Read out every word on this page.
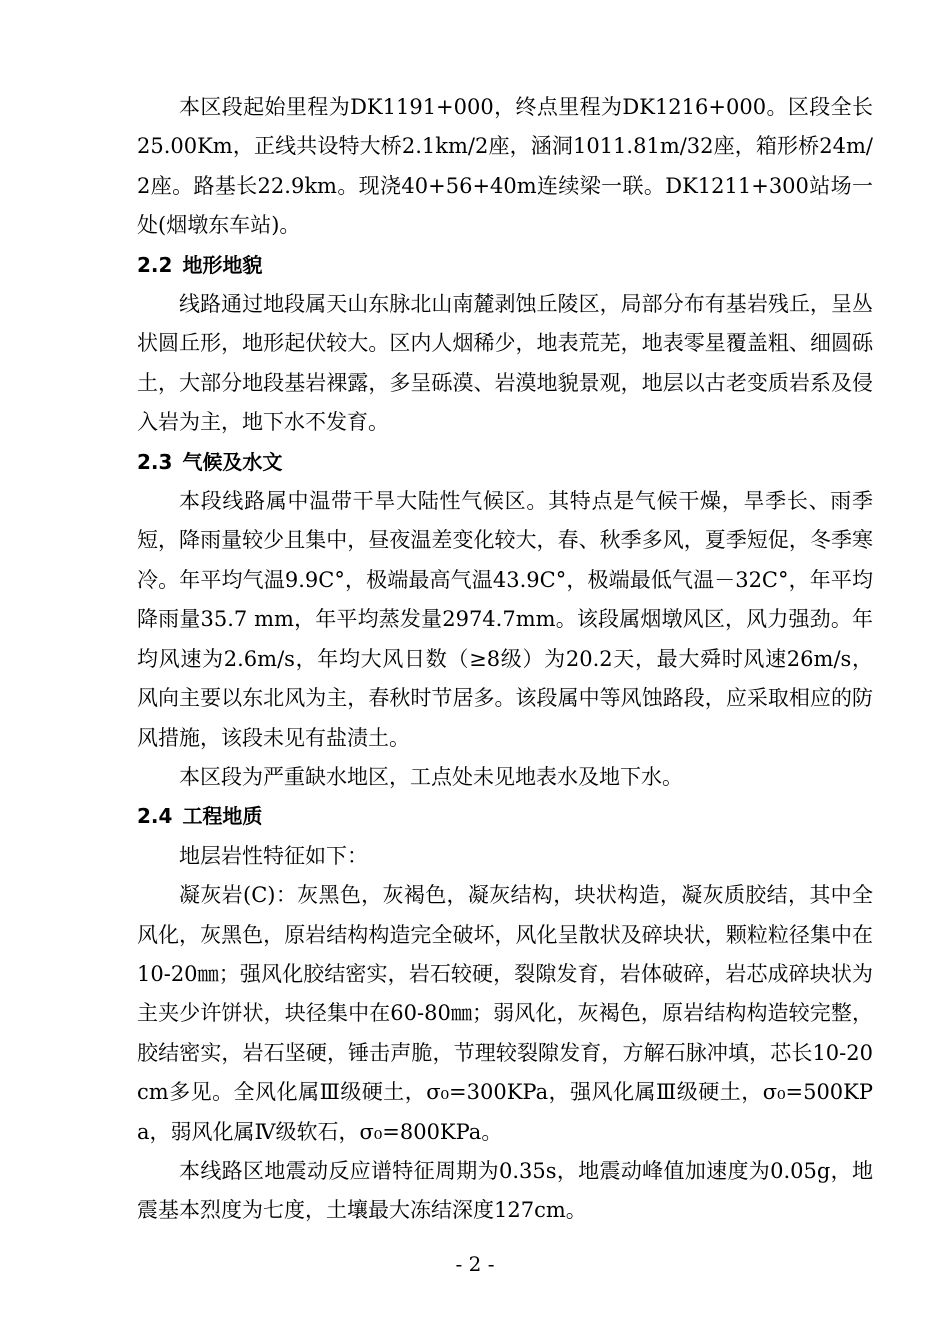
本区段起始里程为DK1191+000，终点里程为DK1216+000。区段全长25.00Km，正线共设特大桥2.1km/2座，涵洞1011.81m/32座，箱形桥24m/2座。路基长22.9km。现浇40+56+40m连续梁一联。DK1211+300站场一处(烟墩东车站)。

2.2 地形地貌

线路通过地段属天山东脉北山南麓剥蚀丘陵区，局部分布有基岩残丘，呈丛状圆丘形，地形起伏较大。区内人烟稀少，地表荒芜，地表零星覆盖粗、细圆砾土，大部分地段基岩裸露，多呈砾漠、岩漠地貌景观，地层以古老变质岩系及侵入岩为主，地下水不发育。

2.3 气候及水文

本段线路属中温带干旱大陆性气候区。其特点是气候干燥，旱季长、雨季短，降雨量较少且集中，昼夜温差变化较大，春、秋季多风，夏季短促，冬季寒冷。年平均气温9.9C°，极端最高气温43.9C°，极端最低气温－32C°，年平均降雨量35.7 mm，年平均蒸发量2974.7mm。该段属烟墩风区，风力强劲。年均风速为2.6m/s，年均大风日数（≥8级）为20.2天，最大舜时风速26m/s， 风向主要以东北风为主，春秋时节居多。该段属中等风蚀路段，应采取相应的防风措施，该段未见有盐渍土。

本区段为严重缺水地区，工点处未见地表水及地下水。

2.4 工程地质

地层岩性特征如下：

凝灰岩(C)：灰黑色，灰褐色，凝灰结构，块状构造，凝灰质胶结，其中全风化，灰黑色，原岩结构构造完全破坏，风化呈散状及碎块状，颗粒粒径集中在10-20㎜；强风化胶结密实，岩石较硬，裂隙发育，岩体破碎，岩芯成碎块状为主夹少许饼状，块径集中在60-80㎜；弱风化，灰褐色，原岩结构构造较完整，胶结密实，岩石坚硬，锤击声脆，节理较裂隙发育，方解石脉冲填，芯长10-20cm多见。全风化属Ⅲ级硬土，σ₀=300KPa，强风化属Ⅲ级硬土，σ₀=500KPa，弱风化属Ⅳ级软石，σ₀=800KPa。

本线路区地震动反应谱特征周期为0.35s，地震动峰值加速度为0.05g，地震基本烈度为七度，土壤最大冻结深度127cm。

- 2 -
